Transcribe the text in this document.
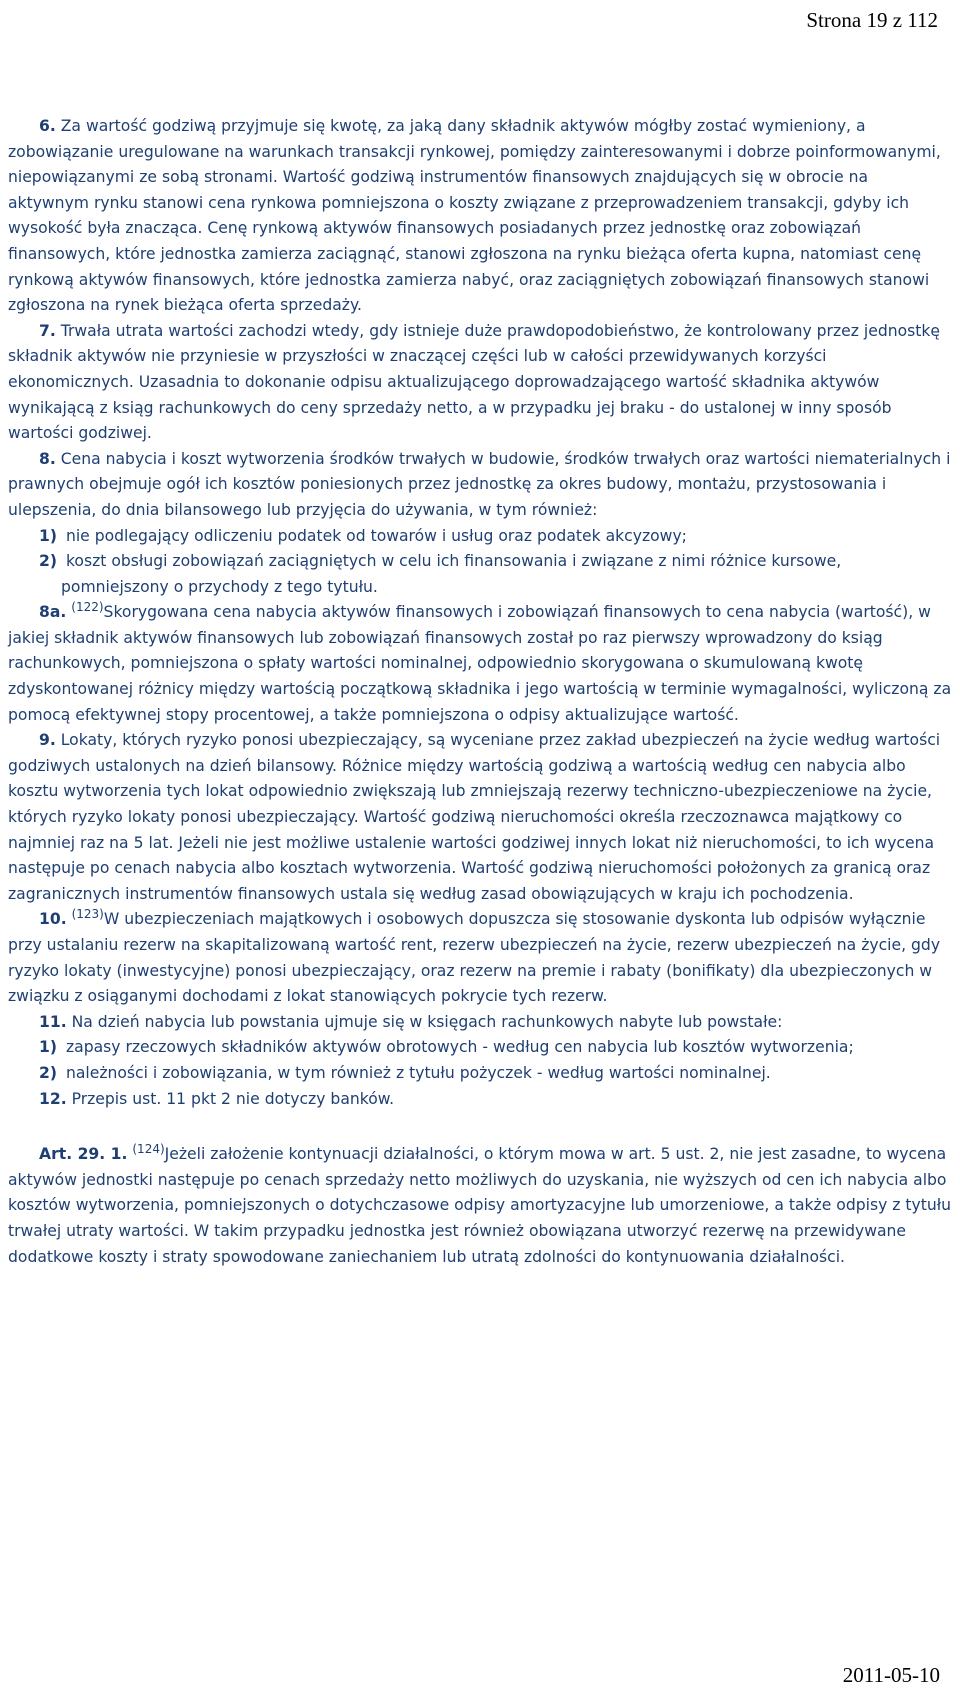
Strona 19 z 112

6. Za wartość godziwą przyjmuje się kwotę, za jaką dany składnik aktywów mógłby zostać wymieniony, a zobowiązanie uregulowane na warunkach transakcji rynkowej, pomiędzy zainteresowanymi i dobrze poinformowanymi, niepowiązanymi ze sobą stronami. Wartość godziwą instrumentów finansowych znajdujących się w obrocie na aktywnym rynku stanowi cena rynkowa pomniejszona o koszty związane z przeprowadzeniem transakcji, gdyby ich wysokość była znacząca. Cenę rynkową aktywów finansowych posiadanych przez jednostkę oraz zobowiązań finansowych, które jednostka zamierza zaciągnąć, stanowi zgłoszona na rynku bieżąca oferta kupna, natomiast cenę rynkową aktywów finansowych, które jednostka zamierza nabyć, oraz zaciągniętych zobowiązań finansowych stanowi zgłoszona na rynek bieżąca oferta sprzedaży.

7. Trwała utrata wartości zachodzi wtedy, gdy istnieje duże prawdopodobieństwo, że kontrolowany przez jednostkę składnik aktywów nie przyniesie w przyszłości w znaczącej części lub w całości przewidywanych korzyści ekonomicznych. Uzasadnia to dokonanie odpisu aktualizującego doprowadzającego wartość składnika aktywów wynikającą z ksiąg rachunkowych do ceny sprzedaży netto, a w przypadku jej braku - do ustalonej w inny sposób wartości godziwej.

8. Cena nabycia i koszt wytworzenia środków trwałych w budowie, środków trwałych oraz wartości niematerialnych i prawnych obejmuje ogół ich kosztów poniesionych przez jednostkę za okres budowy, montażu, przystosowania i ulepszenia, do dnia bilansowego lub przyjęcia do używania, w tym również:

1) nie podlegający odliczeniu podatek od towarów i usług oraz podatek akcyzowy;

2) koszt obsługi zobowiązań zaciągniętych w celu ich finansowania i związane z nimi różnice kursowe, pomniejszony o przychody z tego tytułu.

8a. $^{(122)}$Skorygowana cena nabycia aktywów finansowych i zobowiązań finansowych to cena nabycia (wartość), w jakiej składnik aktywów finansowych lub zobowiązań finansowych został po raz pierwszy wprowadzony do ksiąg rachunkowych, pomniejszona o spłaty wartości nominalnej, odpowiednio skorygowana o skumulowaną kwotę zdyskontowanej różnicy między wartością początkową składnika i jego wartością w terminie wymagalności, wyliczoną za pomocą efektywnej stopy procentowej, a także pomniejszona o odpisy aktualizujące wartość.

9. Lokaty, których ryzyko ponosi ubezpieczający, są wyceniane przez zakład ubezpieczeń na życie według wartości godziwych ustalonych na dzień bilansowy. Różnice między wartością godziwą a wartością według cen nabycia albo kosztu wytworzenia tych lokat odpowiednio zwiększają lub zmniejszają rezerwy techniczno-ubezpieczeniowe na życie, których ryzyko lokaty ponosi ubezpieczający. Wartość godziwą nieruchomości określa rzeczoznawca majątkowy co najmniej raz na 5 lat. Jeżeli nie jest możliwe ustalenie wartości godziwej innych lokat niż nieruchomości, to ich wycena następuje po cenach nabycia albo kosztach wytworzenia. Wartość godziwą nieruchomości położonych za granicą oraz zagranicznych instrumentów finansowych ustala się według zasad obowiązujących w kraju ich pochodzenia.

10. $^{(123)}$W ubezpieczeniach majątkowych i osobowych dopuszcza się stosowanie dyskonta lub odpisów wyłącznie przy ustalaniu rezerw na skapitalizowaną wartość rent, rezerw ubezpieczeń na życie, rezerw ubezpieczeń na życie, gdy ryzyko lokaty (inwestycyjne) ponosi ubezpieczający, oraz rezerw na premie i rabaty (bonifikaty) dla ubezpieczonych w związku z osiąganymi dochodami z lokat stanowiących pokrycie tych rezerw.

11. Na dzień nabycia lub powstania ujmuje się w księgach rachunkowych nabyte lub powstałe:

1) zapasy rzeczowych składników aktywów obrotowych - według cen nabycia lub kosztów wytworzenia;

2) należności i zobowiązania, w tym również z tytułu pożyczek - według wartości nominalnej.

12. Przepis ust. 11 pkt 2 nie dotyczy banków.

Art. 29. 1. $^{(124)}$Jeżeli założenie kontynuacji działalności, o którym mowa w art. 5 ust. 2, nie jest zasadne, to wycena aktywów jednostki następuje po cenach sprzedaży netto możliwych do uzyskania, nie wyższych od cen ich nabycia albo kosztów wytworzenia, pomniejszonych o dotychczasowe odpisy amortyzacyjne lub umorzeniowe, a także odpisy z tytułu trwałej utraty wartości. W takim przypadku jednostka jest również obowiązana utworzyć rezerwę na przewidywane dodatkowe koszty i straty spowodowane zaniechaniem lub utratą zdolności do kontynuowania działalności.

2011-05-10
